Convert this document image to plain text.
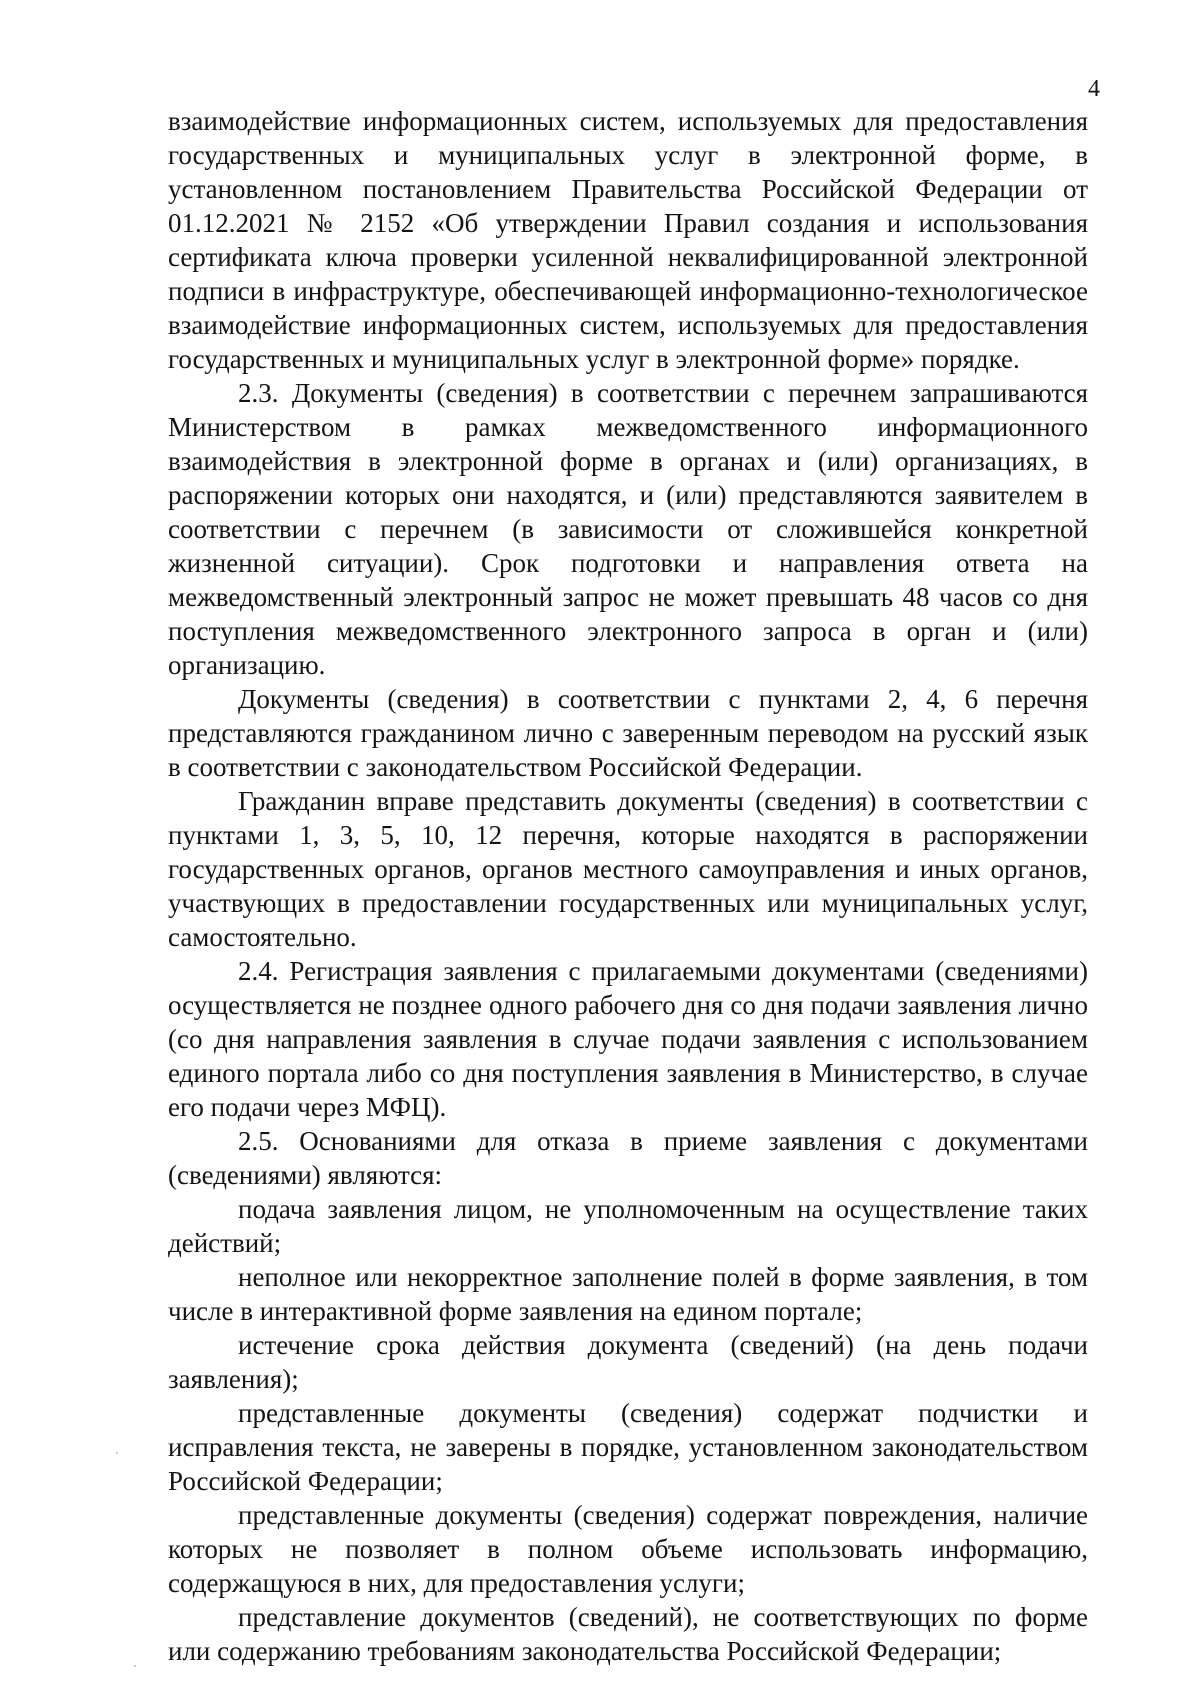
4

взаимодействие информационных систем, используемых для предоставления государственных и муниципальных услуг в электронной форме, в установленном постановлением Правительства Российской Федерации от 01.12.2021 № 2152 «Об утверждении Правил создания и использования сертификата ключа проверки усиленной неквалифицированной электронной подписи в инфраструктуре, обеспечивающей информационно-технологическое взаимодействие информационных систем, используемых для предоставления государственных и муниципальных услуг в электронной форме» порядке.

2.3. Документы (сведения) в соответствии с перечнем запрашиваются Министерством в рамках межведомственного информационного взаимодействия в электронной форме в органах и (или) организациях, в распоряжении которых они находятся, и (или) представляются заявителем в соответствии с перечнем (в зависимости от сложившейся конкретной жизненной ситуации). Срок подготовки и направления ответа на межведомственный электронный запрос не может превышать 48 часов со дня поступления межведомственного электронного запроса в орган и (или) организацию.

Документы (сведения) в соответствии с пунктами 2, 4, 6 перечня представляются гражданином лично с заверенным переводом на русский язык в соответствии с законодательством Российской Федерации.

Гражданин вправе представить документы (сведения) в соответствии с пунктами 1, 3, 5, 10, 12 перечня, которые находятся в распоряжении государственных органов, органов местного самоуправления и иных органов, участвующих в предоставлении государственных или муниципальных услуг, самостоятельно.

2.4. Регистрация заявления с прилагаемыми документами (сведениями) осуществляется не позднее одного рабочего дня со дня подачи заявления лично (со дня направления заявления в случае подачи заявления с использованием единого портала либо со дня поступления заявления в Министерство, в случае его подачи через МФЦ).

2.5. Основаниями для отказа в приеме заявления с документами (сведениями) являются:

подача заявления лицом, не уполномоченным на осуществление таких действий;

неполное или некорректное заполнение полей в форме заявления, в том числе в интерактивной форме заявления на едином портале;

истечение срока действия документа (сведений) (на день подачи заявления);

представленные документы (сведения) содержат подчистки и исправления текста, не заверены в порядке, установленном законодательством Российской Федерации;

представленные документы (сведения) содержат повреждения, наличие которых не позволяет в полном объеме использовать информацию, содержащуюся в них, для предоставления услуги;

представление документов (сведений), не соответствующих по форме или содержанию требованиям законодательства Российской Федерации;
